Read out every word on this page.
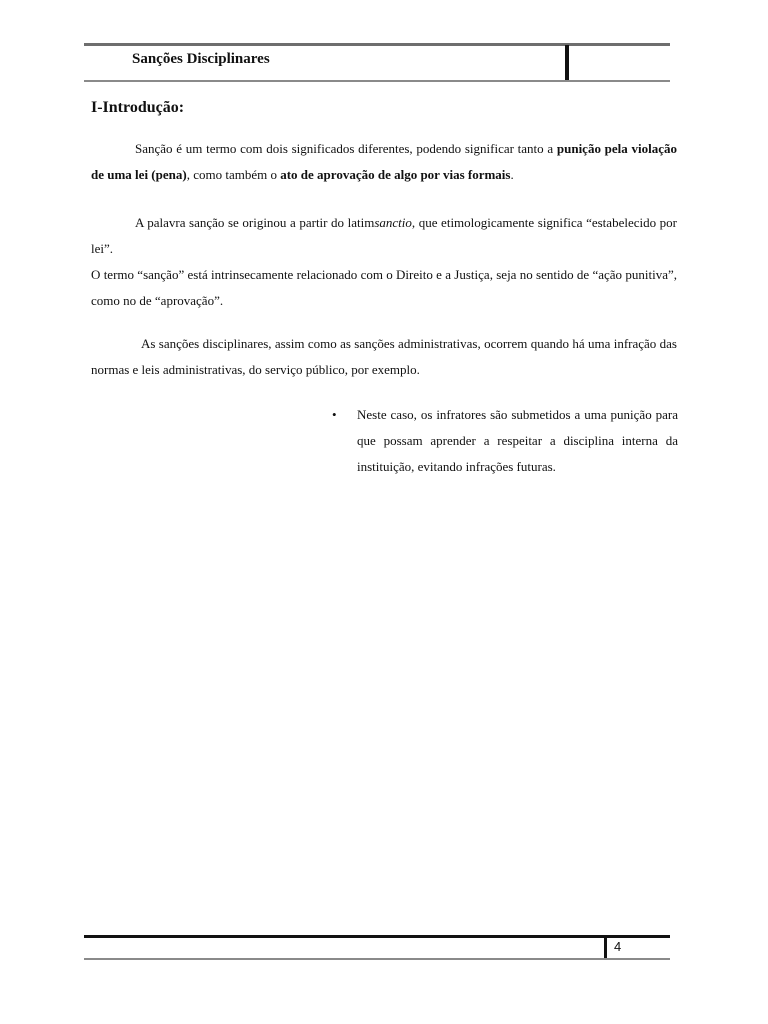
Sanções Disciplinares
I-Introdução:
Sanção é um termo com dois significados diferentes, podendo significar tanto a punição pela violação de uma lei (pena), como também o ato de aprovação de algo por vias formais.
A palavra sanção se originou a partir do latimsanctio, que etimologicamente significa “estabelecido por lei”.
O termo “sanção” está intrinsecamente relacionado com o Direito e a Justiça, seja no sentido de “ação punitiva”, como no de “aprovação”.
As sanções disciplinares, assim como as sanções administrativas, ocorrem quando há uma infração das normas e leis administrativas, do serviço público, por exemplo.
• Neste caso, os infratores são submetidos a uma punição para que possam aprender a respeitar a disciplina interna da instituição, evitando infrações futuras.
4
